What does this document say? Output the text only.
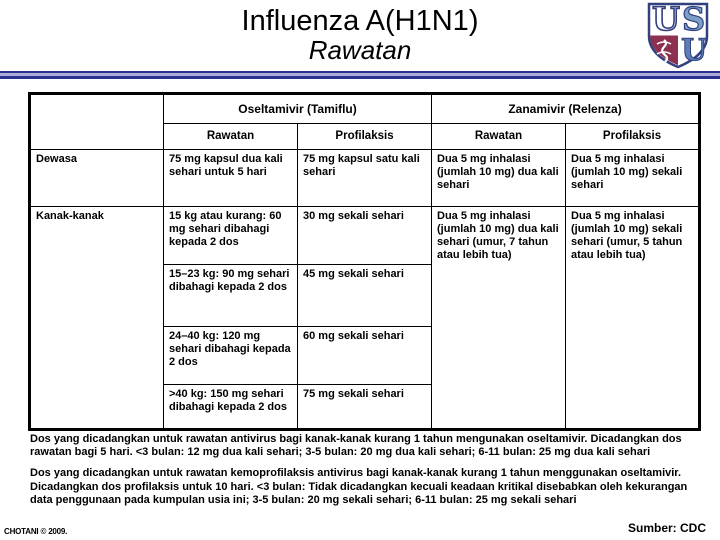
Influenza A(H1N1)
Rawatan
U S
U
	Oseltamivir (Tamiflu)		Zanamivir (Relenza)	
	Rawatan	Profilaksis	Rawatan	Profilaksis
Dewasa	75 mg kapsul dua kali sehari untuk 5 hari	75 mg kapsul satu kali sehari	Dua 5 mg inhalasi (jumlah 10 mg) dua kali sehari	Dua 5 mg inhalasi (jumlah 10 mg) sekali sehari
Kanak-kanak	15 kg atau kurang: 60 mg sehari dibahagi kepada 2 dos	30 mg sekali sehari	Dua 5 mg inhalasi (jumlah 10 mg) dua kali sehari (umur, 7 tahun atau lebih tua)	Dua 5 mg inhalasi (jumlah 10 mg) sekali sehari (umur, 5 tahun atau lebih tua)
	15–23 kg: 90 mg sehari dibahagi kepada 2 dos	45 mg sekali sehari		
	24–40 kg: 120 mg sehari dibahagi kepada 2 dos	60 mg sekali sehari		
	>40 kg: 150 mg sehari dibahagi kepada 2 dos	75 mg sekali sehari		

Dos yang dicadangkan untuk rawatan antivirus bagi kanak-kanak kurang 1 tahun mengunakan oseltamivir. Dicadangkan dos rawatan bagi 5 hari. <3 bulan: 12 mg dua kali sehari; 3-5 bulan: 20 mg dua kali sehari; 6-11 bulan: 25 mg dua kali sehari

Dos yang dicadangkan untuk rawatan kemoprofilaksis antivirus bagi kanak-kanak kurang 1 tahun menggunakan oseltamivir. Dicadangkan dos profilaksis untuk 10 hari. <3 bulan: Tidak dicadangkan kecuali keadaan kritikal disebabkan oleh kekurangan data penggunaan pada kumpulan usia ini; 3-5 bulan: 20 mg sekali sehari; 6-11 bulan: 25 mg sekali sehari

CHOTANI © 2009.	Sumber: CDC
